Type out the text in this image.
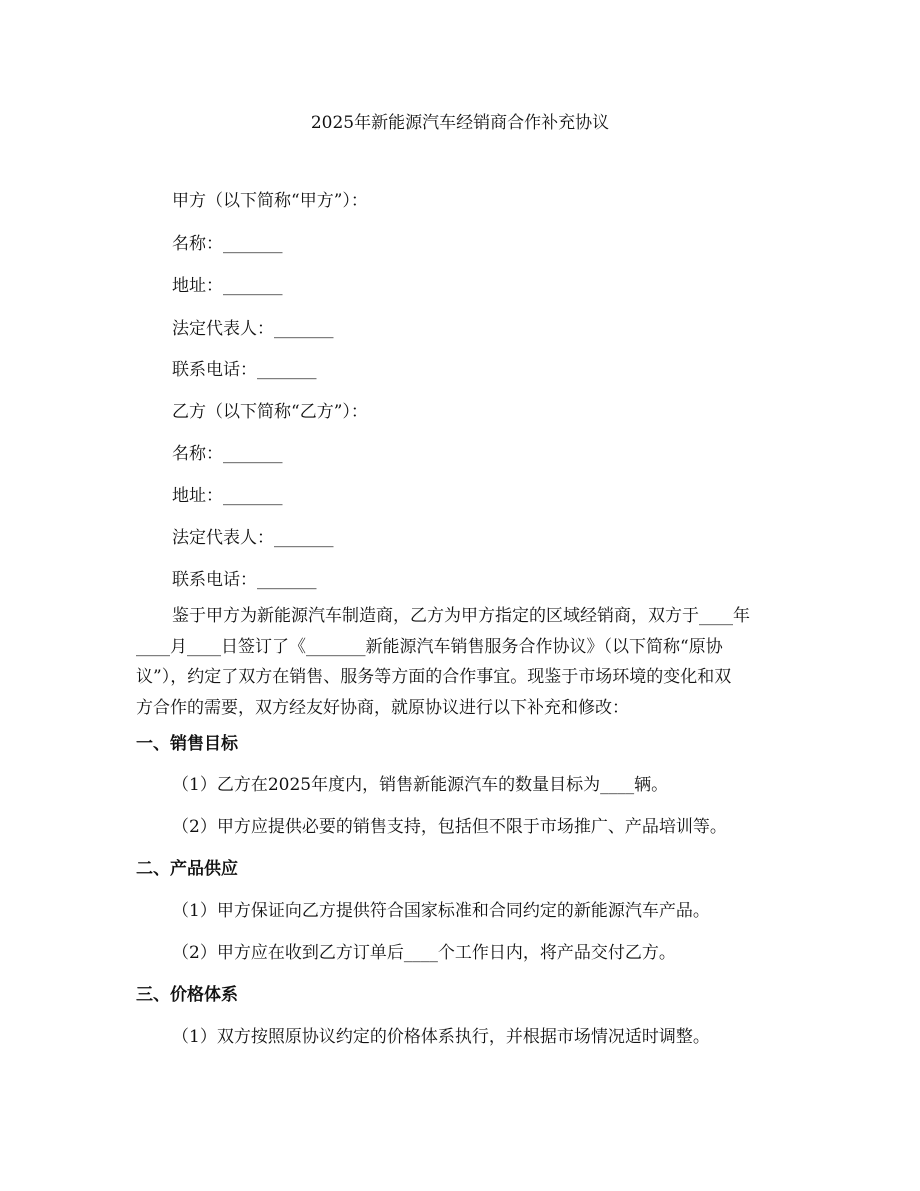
2025年新能源汽车经销商合作补充协议
甲方（以下简称“甲方”）：
名称：_______
地址：_______
法定代表人：_______
联系电话：_______
乙方（以下简称“乙方”）：
名称：_______
地址：_______
法定代表人：_______
联系电话：_______
鉴于甲方为新能源汽车制造商，乙方为甲方指定的区域经销商，双方于____年
____月____日签订了《_______新能源汽车销售服务合作协议》（以下简称“原协
议”），约定了双方在销售、服务等方面的合作事宜。现鉴于市场环境的变化和双
方合作的需要，双方经友好协商，就原协议进行以下补充和修改：
一、销售目标
（1）乙方在2025年度内，销售新能源汽车的数量目标为____辆。
（2）甲方应提供必要的销售支持，包括但不限于市场推广、产品培训等。
二、产品供应
（1）甲方保证向乙方提供符合国家标准和合同约定的新能源汽车产品。
（2）甲方应在收到乙方订单后____个工作日内，将产品交付乙方。
三、价格体系
（1）双方按照原协议约定的价格体系执行，并根据市场情况适时调整。
